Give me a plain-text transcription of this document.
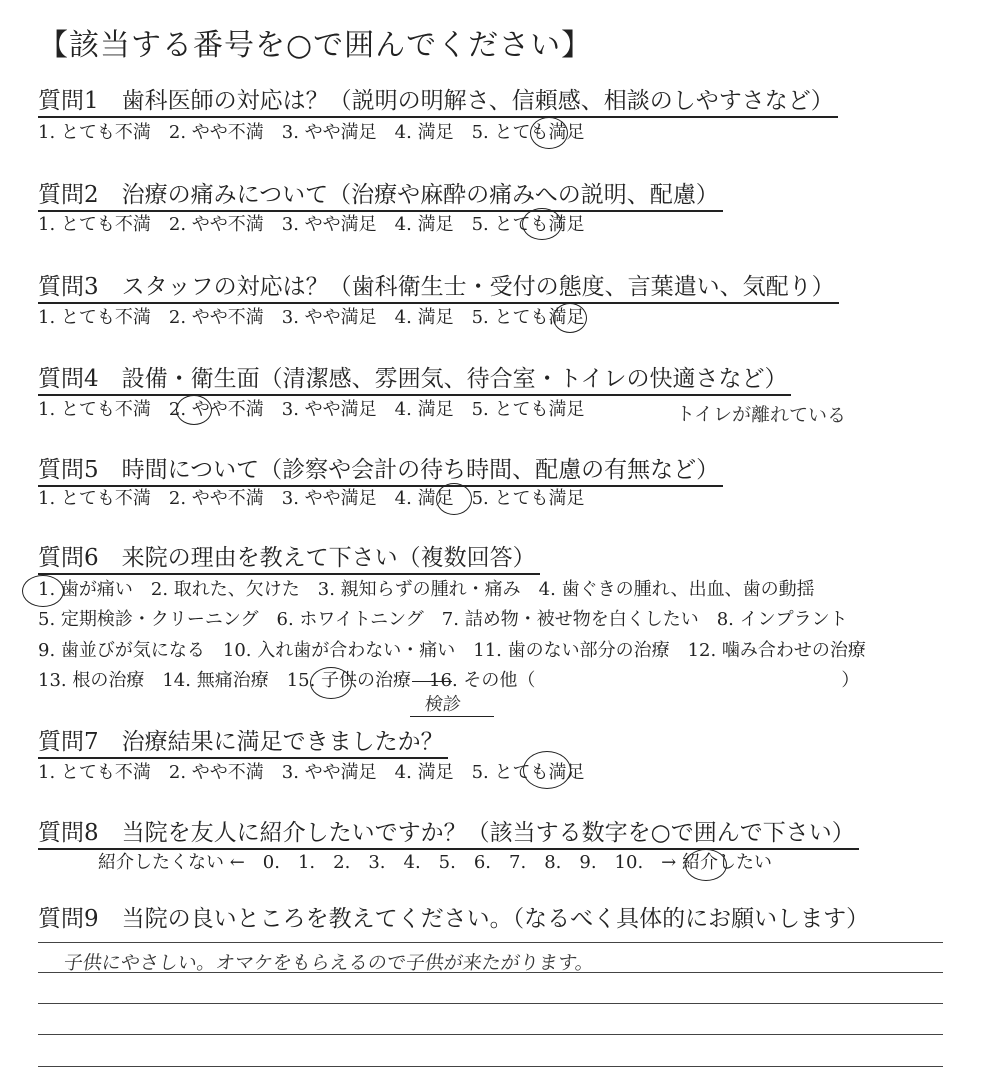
【該当する番号を○で囲んでください】
質問1　歯科医師の対応は？（説明の明解さ、信頼感、相談のしやすさなど）
1. とても不満　2. やや不満　3. やや満足　4. 満足　5. とても満足
質問2　治療の痛みについて（治療や麻酔の痛みへの説明、配慮）
1. とても不満　2. やや不満　3. やや満足　4. 満足　5. とても満足
質問3　スタッフの対応は？（歯科衛生士・受付の態度、言葉遣い、気配り）
1. とても不満　2. やや不満　3. やや満足　4. 満足　5. とても満足
質問4　設備・衛生面（清潔感、雰囲気、待合室・トイレの快適さなど）
1. とても不満　2. やや不満　3. やや満足　4. 満足　5. とても満足	トイレが離れている
質問5　時間について（診察や会計の待ち時間、配慮の有無など）
1. とても不満　2. やや不満　3. やや満足　4. 満足　5. とても満足
質問6　来院の理由を教えて下さい（複数回答）
1. 歯が痛い　2. 取れた、欠けた　3. 親知らずの腫れ・痛み　4. 歯ぐきの腫れ、出血、歯の動揺
5. 定期検診・クリーニング　6. ホワイトニング　7. 詰め物・被せ物を白くしたい　8. インプラント
9. 歯並びが気になる　10. 入れ歯が合わない・痛い　11. 歯のない部分の治療　12. 噛み合わせの治療
13. 根の治療　14. 無痛治療　15. 子供の治療　16. その他（　　　　　　　　　　　　　　　　　）
検診
質問7　治療結果に満足できましたか？
1. とても不満　2. やや不満　3. やや満足　4. 満足　5. とても満足
質問8　当院を友人に紹介したいですか？（該当する数字を○で囲んで下さい）
紹介したくない ←　0.　1.　2.　3.　4.　5.　6.　7.　8.　9.　10.　→ 紹介したい
質問9　当院の良いところを教えてください。（なるべく具体的にお願いします）
子供にやさしい。オマケをもらえるので子供が来たがります。
